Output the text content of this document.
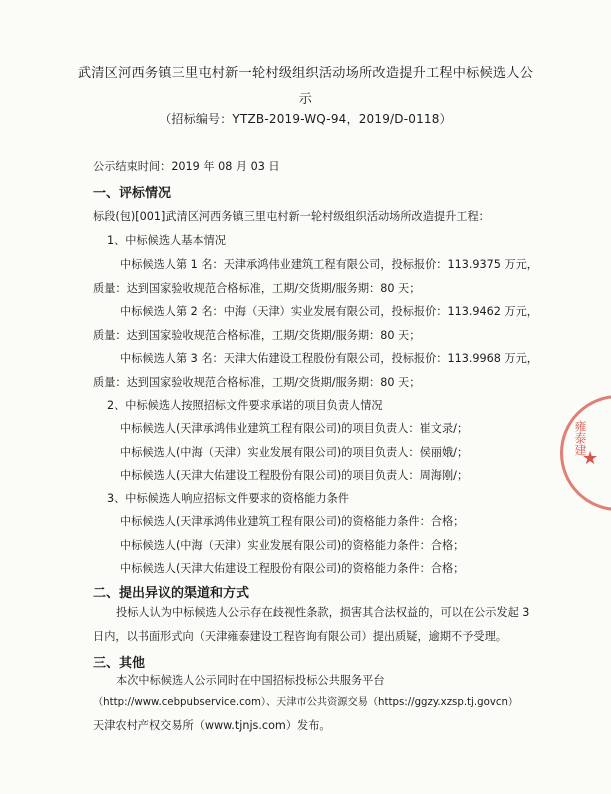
武清区河西务镇三里屯村新一轮村级组织活动场所改造提升工程中标候选人公
示
（招标编号：YTZB-2019-WQ-94，2019/D-0118）
公示结束时间：2019 年 08 月 03 日
一、评标情况
标段(包)[001]武清区河西务镇三里屯村新一轮村级组织活动场所改造提升工程：
1、中标候选人基本情况
中标候选人第 1 名：天津承鸿伟业建筑工程有限公司，投标报价：113.9375 万元，
质量：达到国家验收规范合格标准，工期/交货期/服务期：80 天；
中标候选人第 2 名：中海（天津）实业发展有限公司，投标报价：113.9462 万元，
质量：达到国家验收规范合格标准，工期/交货期/服务期：80 天；
中标候选人第 3 名：天津大佑建设工程股份有限公司，投标报价：113.9968 万元，
质量：达到国家验收规范合格标准，工期/交货期/服务期：80 天；
2、中标候选人按照招标文件要求承诺的项目负责人情况
中标候选人(天津承鸿伟业建筑工程有限公司)的项目负责人：崔文录/；
中标候选人(中海（天津）实业发展有限公司)的项目负责人：侯丽娥/；
中标候选人(天津大佑建设工程股份有限公司)的项目负责人：周海刚/；
3、中标候选人响应招标文件要求的资格能力条件
中标候选人(天津承鸿伟业建筑工程有限公司)的资格能力条件：合格；
中标候选人(中海（天津）实业发展有限公司)的资格能力条件：合格；
中标候选人(天津大佑建设工程股份有限公司)的资格能力条件：合格；
二、提出异议的渠道和方式
投标人认为中标候选人公示存在歧视性条款，损害其合法权益的，可以在公示发起 3
日内，以书面形式向（天津雍泰建设工程咨询有限公司）提出质疑，逾期不予受理。
三、其他
本次中标候选人公示同时在中国招标投标公共服务平台
（http://www.cebpubservice.com）、天津市公共资源交易（https://ggzy.xzsp.tj.govcn）
天津农村产权交易所（www.tjnjs.com）发布。
雍泰建
★
